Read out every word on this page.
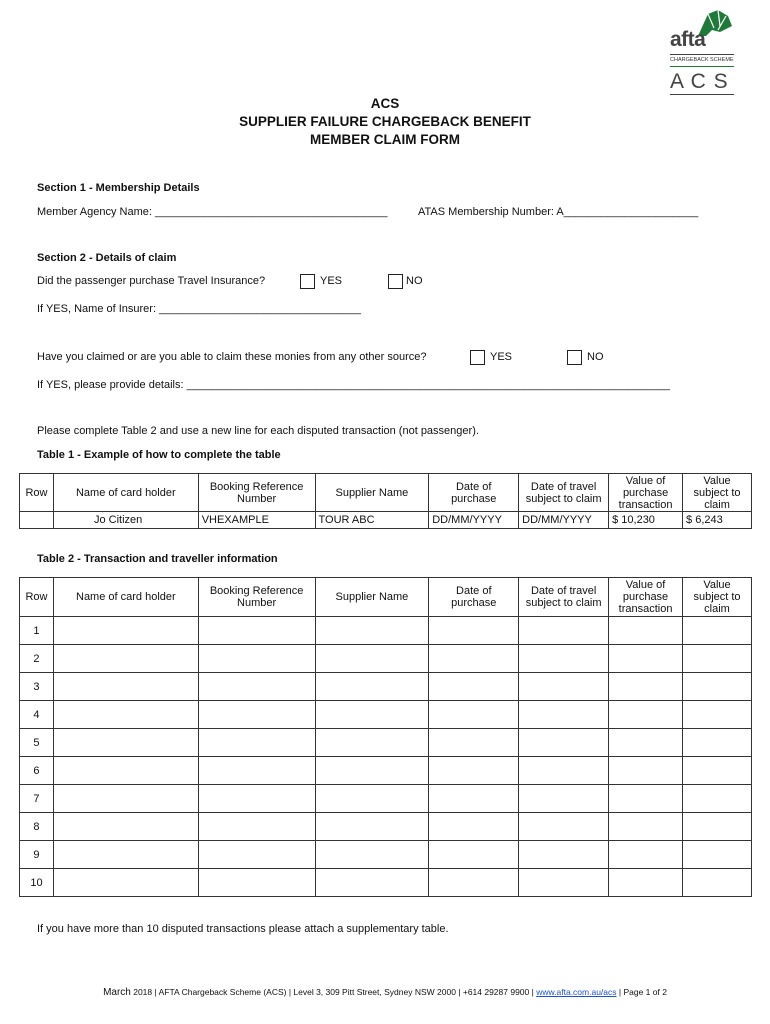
afta
CHARGEBACK SCHEME
A C S
ACS
SUPPLIER FAILURE CHARGEBACK BENEFIT
MEMBER CLAIM FORM
Section 1 - Membership Details
Member Agency Name: ______________________________________	ATAS Membership Number: A______________________
Section 2 - Details of claim
Did the passenger purchase Travel Insurance?	YES	NO
If YES, Name of Insurer: _________________________________
Have you claimed or are you able to claim these monies from any other source?	YES	NO
If YES, please provide details: _______________________________________________________________________________
Please complete Table 2 and use a new line for each disputed transaction (not passenger).
Table 1 - Example of how to complete the table
Row	Name of card holder	Booking Reference Number	Supplier Name	Date of purchase	Date of travel subject to claim	Value of purchase transaction	Value subject to claim
	Jo Citizen	VHEXAMPLE	TOUR ABC	DD/MM/YYYY	DD/MM/YYYY	$ 10,230	$ 6,243
Table 2 - Transaction and traveller information
Row	Name of card holder	Booking Reference Number	Supplier Name	Date of purchase	Date of travel subject to claim	Value of purchase transaction	Value subject to claim
1							
2							
3							
4							
5							
6							
7							
8							
9							
10							
If you have more than 10 disputed transactions please attach a supplementary table.
March 2018 | AFTA Chargeback Scheme (ACS) | Level 3, 309 Pitt Street, Sydney NSW 2000 | +614 29287 9900 | www.afta.com.au/acs | Page 1 of 2
